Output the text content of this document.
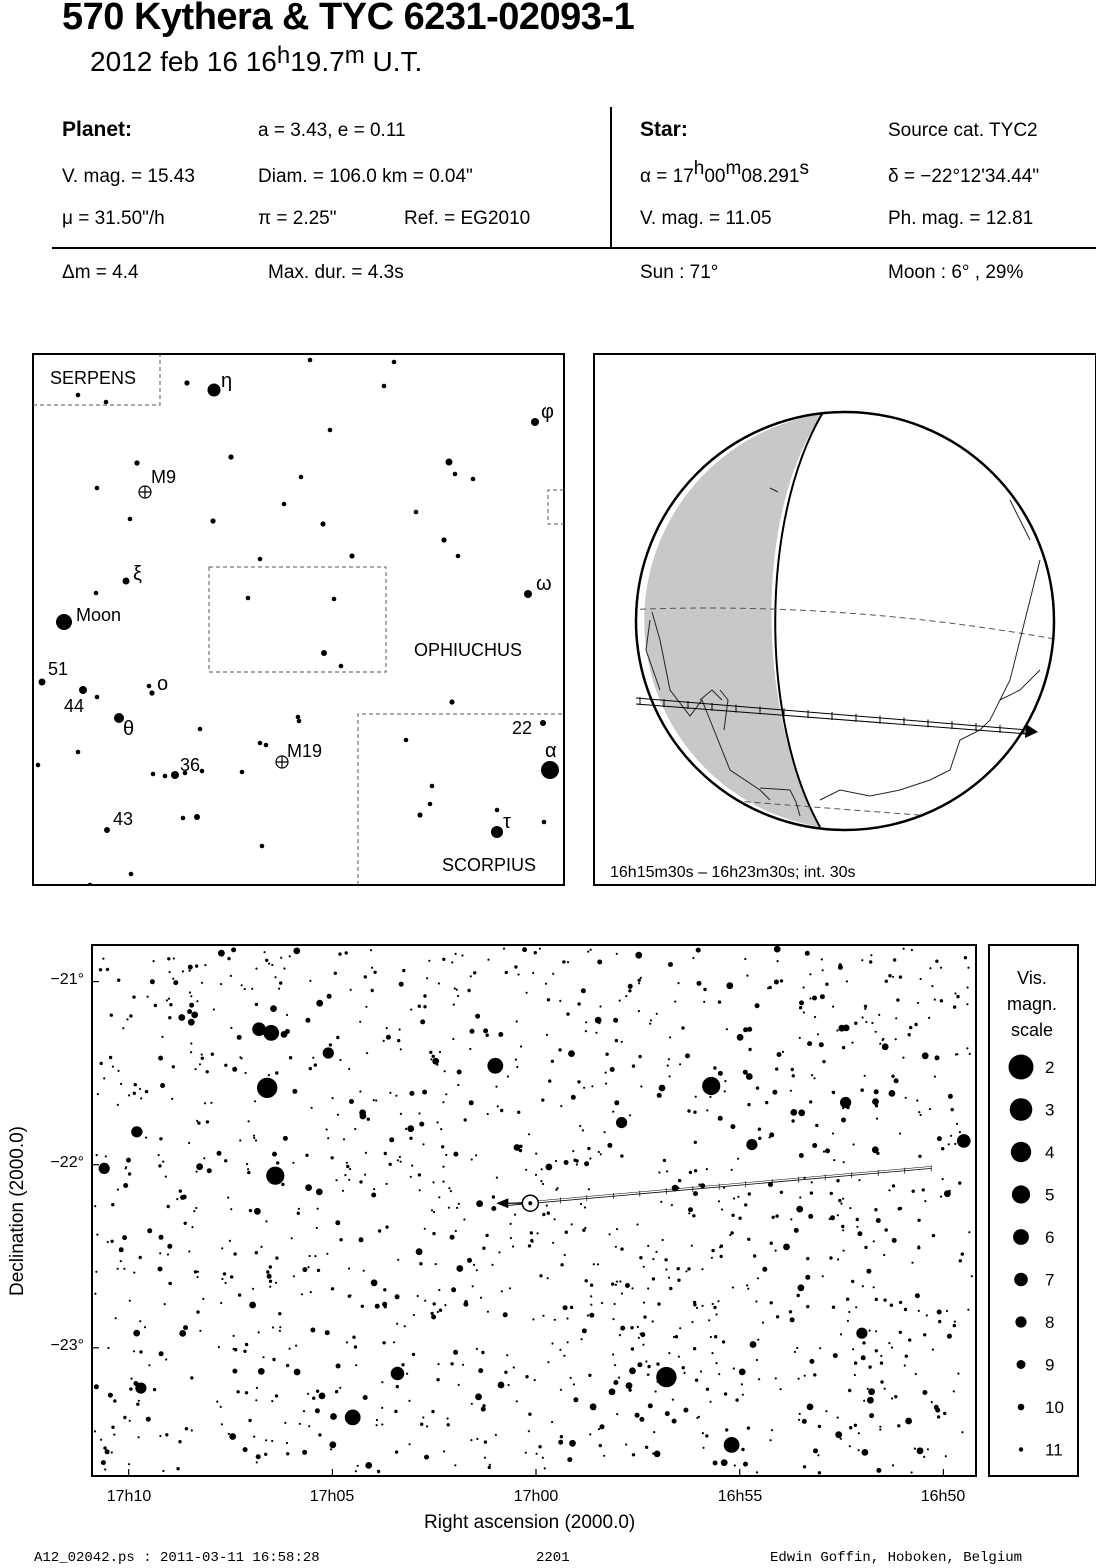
570 Kythera & TYC 6231-02093-1
2012 feb 16 16$^h$19.7$^m$ U.T.
Planet:	a = 3.43, e = 0.11
V. mag. = 15.43	Diam. = 106.0 km = 0.04"
μ = 31.50"/h	π = 2.25"	Ref. = EG2010
Star:	Source cat. TYC2
$\alpha = 17^h00^m08.291^s$	δ = −22°12'34.44"
V. mag. = 11.05	Ph. mag. = 12.81
Δm = 4.4	Max. dur. = 4.3s	Sun : 71°	Moon : 6° , 29%
SERPENS
OPHIUCHUS
SCORPIUS
η
φ
M9
ξ	ω
Moon
51
ο
44
θ	22
α
M19
36
τ
43
Vis.
magn.
scale
2
3
4
5
6
7
8
9
10
11
Right ascension (2000.0)
Declination (2000.0)
16h15m30s – 16h23m30s; int. 30s
A12_02042.ps : 2011-03-11 16:58:28	2201	Edwin Goffin, Hoboken, Belgium
17h10	17h05	17h00	16h55	16h50
−21°
−22°
−23°
